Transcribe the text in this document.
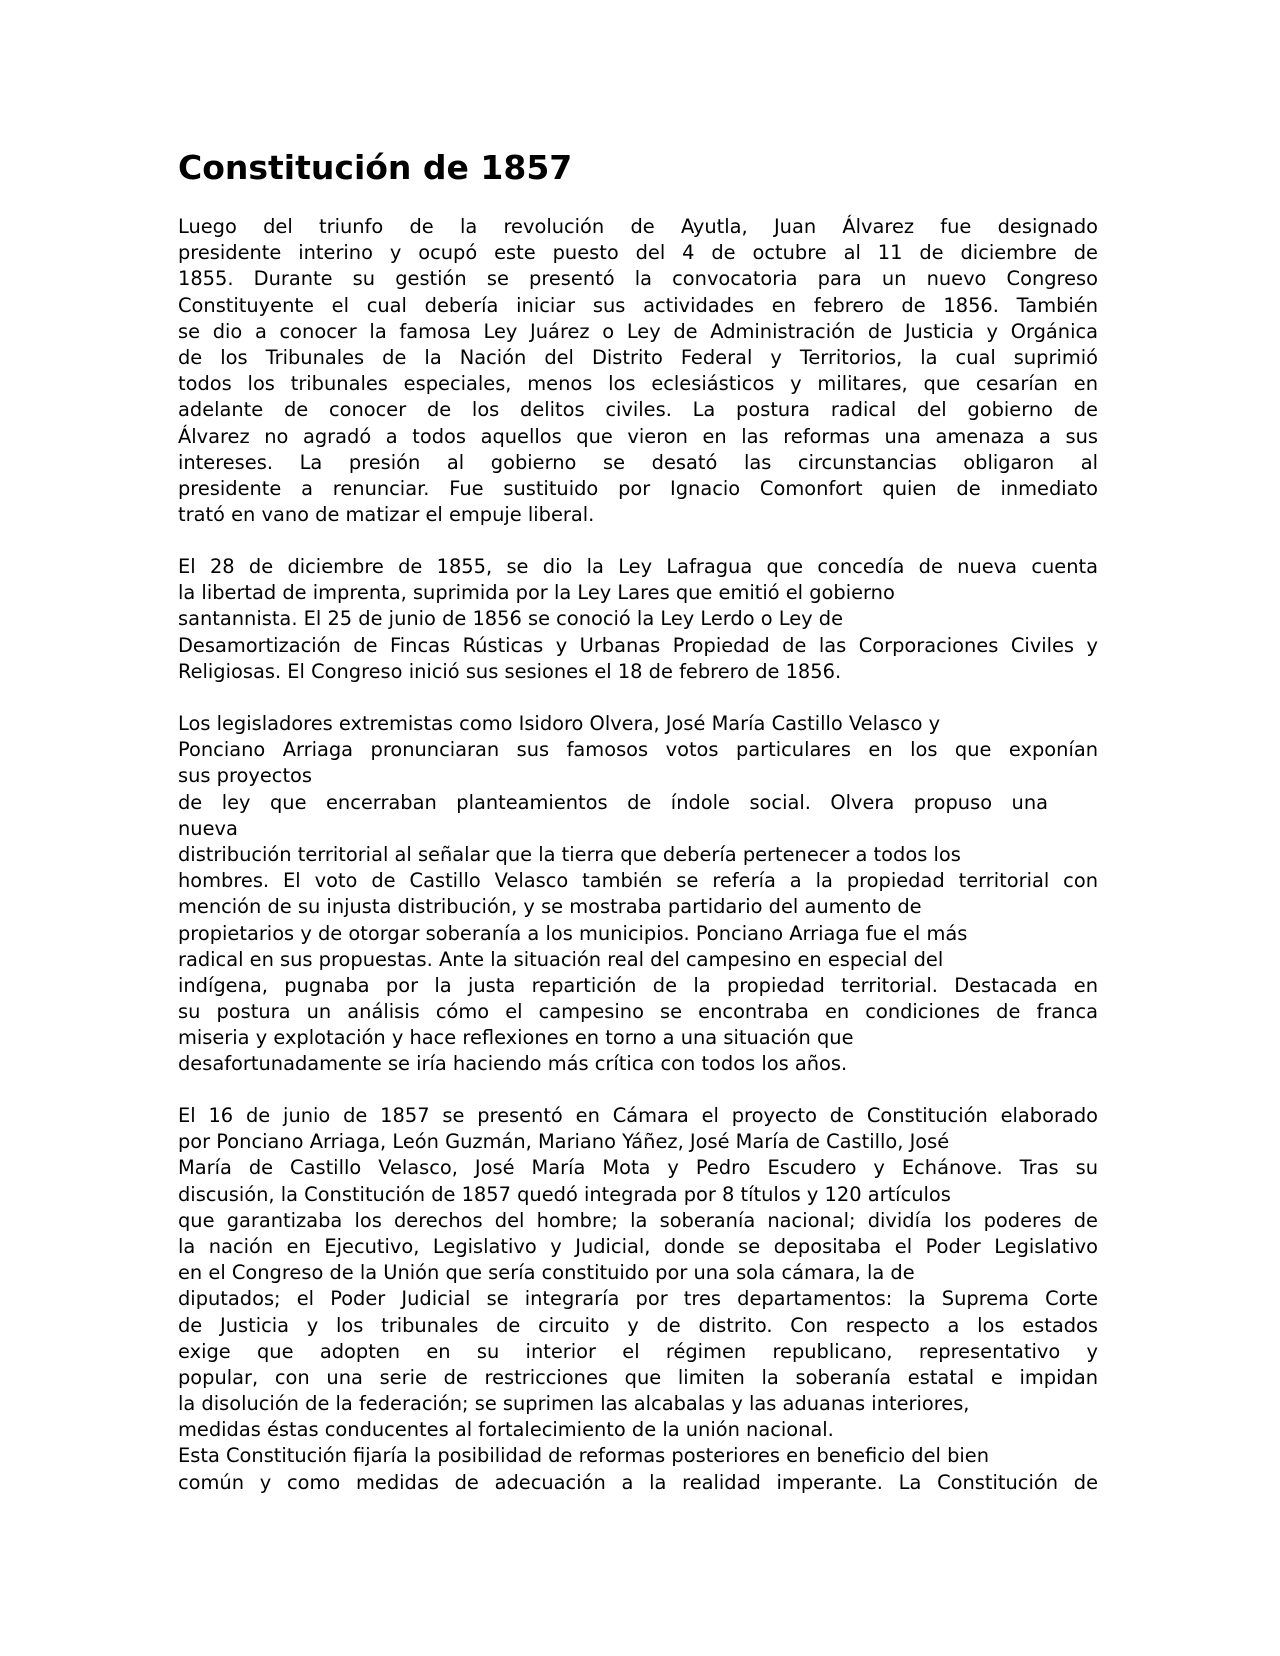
Constitución de 1857
Luego del triunfo de la revolución de Ayutla, Juan Álvarez fue designado
presidente interino y ocupó este puesto del 4 de octubre al 11 de diciembre de
1855. Durante su gestión se presentó la convocatoria para un nuevo Congreso
Constituyente el cual debería iniciar sus actividades en febrero de 1856. También
se dio a conocer la famosa Ley Juárez o Ley de Administración de Justicia y Orgánica
de los Tribunales de la Nación del Distrito Federal y Territorios, la cual suprimió
todos los tribunales especiales, menos los eclesiásticos y militares, que cesarían en
adelante de conocer de los delitos civiles. La postura radical del gobierno de
Álvarez no agradó a todos aquellos que vieron en las reformas una amenaza a sus
intereses. La presión al gobierno se desató las circunstancias obligaron al
presidente a renunciar. Fue sustituido por Ignacio Comonfort quien de inmediato
trató en vano de matizar el empuje liberal.
El 28 de diciembre de 1855, se dio la Ley Lafragua que concedía de nueva cuenta
la libertad de imprenta, suprimida por la Ley Lares que emitió el gobierno
santannista. El 25 de junio de 1856 se conoció la Ley Lerdo o Ley de
Desamortización de Fincas Rústicas y Urbanas Propiedad de las Corporaciones Civiles y
Religiosas. El Congreso inició sus sesiones el 18 de febrero de 1856.
Los legisladores extremistas como Isidoro Olvera, José María Castillo Velasco y
Ponciano Arriaga pronunciaran sus famosos votos particulares en los que exponían
sus proyectos
de ley que encerraban planteamientos de índole social. Olvera propuso una
nueva
distribución territorial al señalar que la tierra que debería pertenecer a todos los
hombres. El voto de Castillo Velasco también se refería a la propiedad territorial con
mención de su injusta distribución, y se mostraba partidario del aumento de
propietarios y de otorgar soberanía a los municipios. Ponciano Arriaga fue el más
radical en sus propuestas. Ante la situación real del campesino en especial del
indígena, pugnaba por la justa repartición de la propiedad territorial. Destacada en
su postura un análisis cómo el campesino se encontraba en condiciones de franca
miseria y explotación y hace reflexiones en torno a una situación que
desafortunadamente se iría haciendo más crítica con todos los años.
El 16 de junio de 1857 se presentó en Cámara el proyecto de Constitución elaborado
por Ponciano Arriaga, León Guzmán, Mariano Yáñez, José María de Castillo, José
María de Castillo Velasco, José María Mota y Pedro Escudero y Echánove. Tras su
discusión, la Constitución de 1857 quedó integrada por 8 títulos y 120 artículos
que garantizaba los derechos del hombre; la soberanía nacional; dividía los poderes de
la nación en Ejecutivo, Legislativo y Judicial, donde se depositaba el Poder Legislativo
en el Congreso de la Unión que sería constituido por una sola cámara, la de
diputados; el Poder Judicial se integraría por tres departamentos: la Suprema Corte
de Justicia y los tribunales de circuito y de distrito. Con respecto a los estados
exige que adopten en su interior el régimen republicano, representativo y
popular, con una serie de restricciones que limiten la soberanía estatal e impidan
la disolución de la federación; se suprimen las alcabalas y las aduanas interiores,
medidas éstas conducentes al fortalecimiento de la unión nacional.
Esta Constitución fijaría la posibilidad de reformas posteriores en beneficio del bien
común y como medidas de adecuación a la realidad imperante. La Constitución de
